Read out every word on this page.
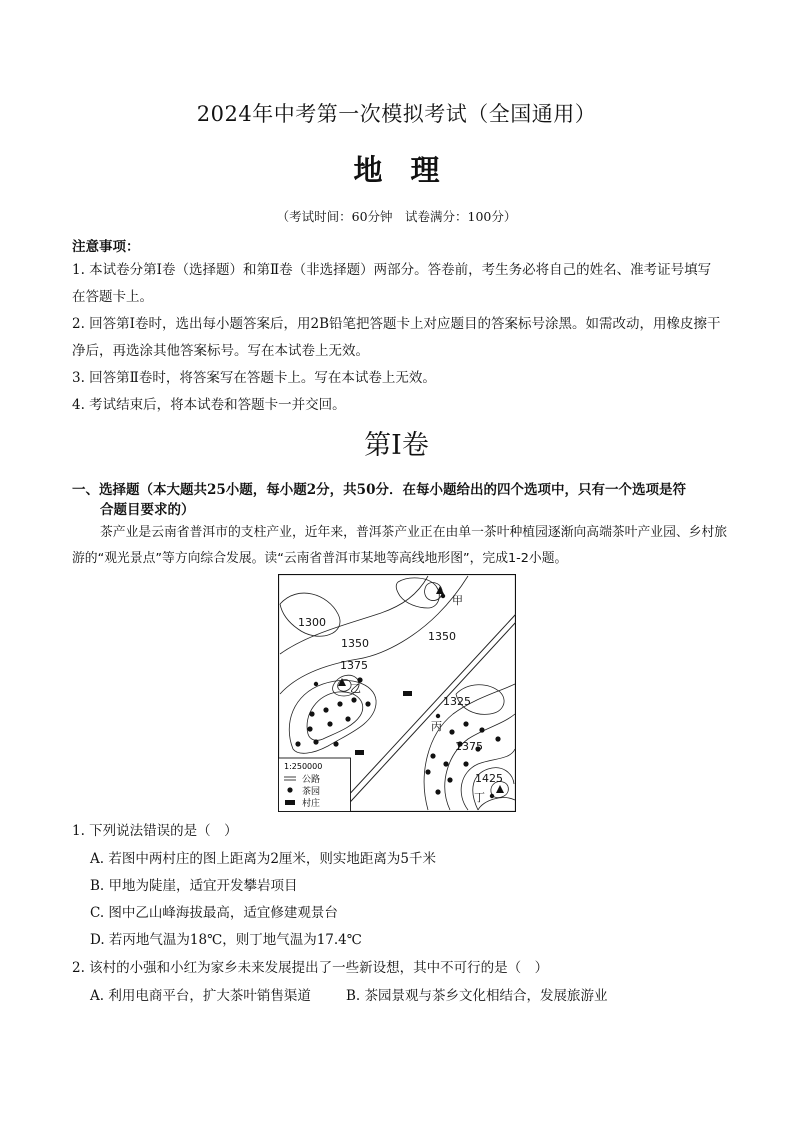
2024年中考第一次模拟考试（全国通用）
地理
（考试时间：60分钟　试卷满分：100分）
注意事项：
1. 本试卷分第Ⅰ卷（选择题）和第Ⅱ卷（非选择题）两部分。答卷前，考生务必将自己的姓名、准考证号填写在答题卡上。
2. 回答第Ⅰ卷时，选出每小题答案后，用2B铅笔把答题卡上对应题目的答案标号涂黑。如需改动，用橡皮擦干净后，再选涂其他答案标号。写在本试卷上无效。
3. 回答第Ⅱ卷时，将答案写在答题卡上。写在本试卷上无效。
4. 考试结束后，将本试卷和答题卡一并交回。
第Ⅰ卷
一、选择题（本大题共25小题，每小题2分，共50分．在每小题给出的四个选项中，只有一个选项是符
合题目要求的）
茶产业是云南省普洱市的支柱产业，近年来，普洱茶产业正在由单一茶叶种植园逐渐向高端茶叶产业园、乡村旅游的“观光景点”等方向综合发展。读“云南省普洱市某地等高线地形图”，完成1-2小题。
1300
1350
1350
1375
1325
1375
1425
甲
乙
丙
丁
1:250000
公路
茶园
村庄
1. 下列说法错误的是（　）
A. 若图中两村庄的图上距离为2厘米，则实地距离为5千米
B. 甲地为陡崖，适宜开发攀岩项目
C. 图中乙山峰海拔最高，适宜修建观景台
D. 若丙地气温为18℃，则丁地气温为17.4℃
2. 该村的小强和小红为家乡未来发展提出了一些新设想，其中不可行的是（　）
A. 利用电商平台，扩大茶叶销售渠道	B. 茶园景观与茶乡文化相结合，发展旅游业
